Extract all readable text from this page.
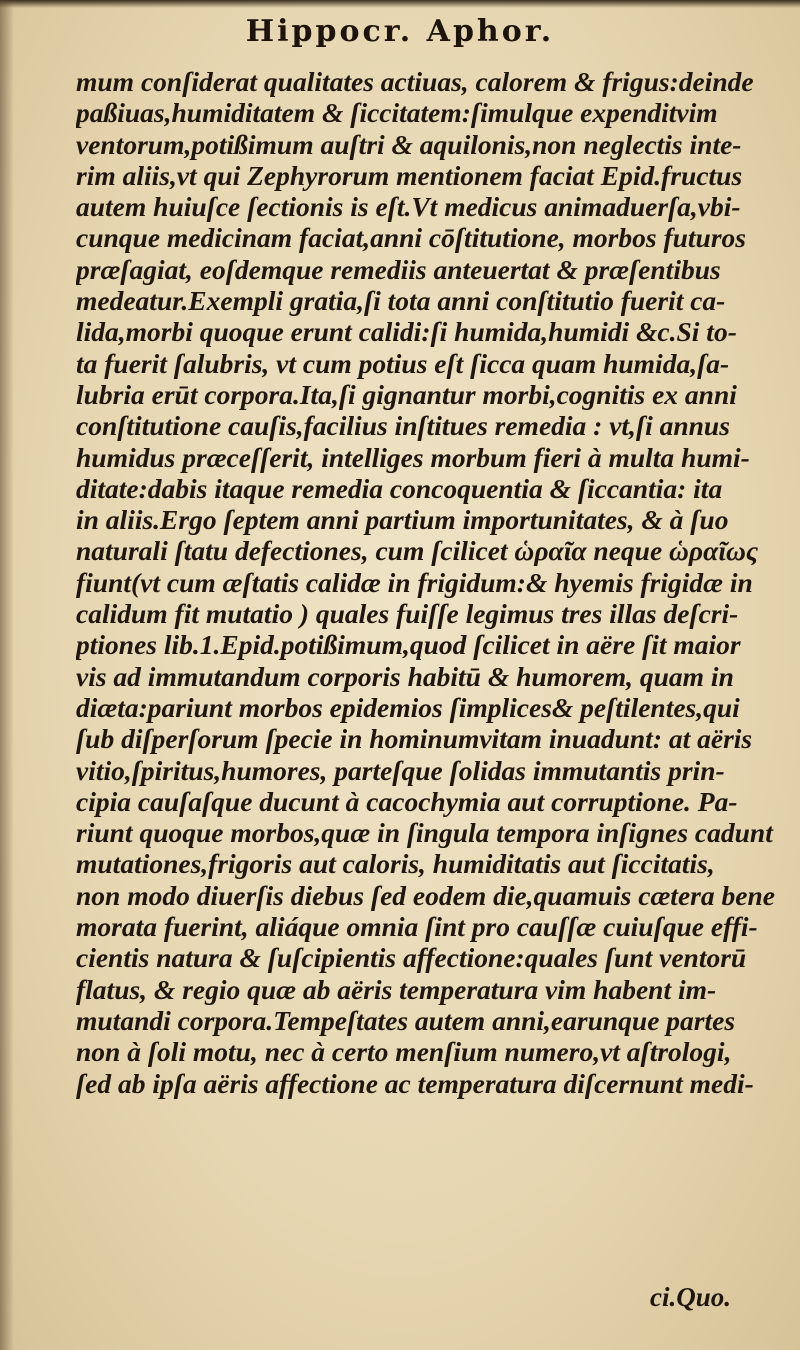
Hippocr. Aphor.
mum conſiderat qualitates actiuas, calorem & frigus:deinde
paßiuas,humiditatem & ſiccitatem:ſimulque expenditvim
ventorum,potißimum auſtri & aquilonis,non neglectis inte-
rim aliis,vt qui Zephyrorum mentionem faciat Epid.fructus
autem huiuſce ſectionis is eſt.Vt medicus animaduerſa,vbi-
cunque medicinam faciat,anni cōſtitutione, morbos futuros
præſagiat, eoſdemque remediis anteuertat & præſentibus
medeatur.Exempli gratia,ſi tota anni conſtitutio fuerit ca-
lida,morbi quoque erunt calidi:ſi humida,humidi &c.Si to-
ta fuerit ſalubris, vt cum potius eſt ſicca quam humida,ſa-
lubria erūt corpora.Ita,ſi gignantur morbi,cognitis ex anni
conſtitutione cauſis,facilius inſtitues remedia : vt,ſi annus
humidus præceſſerit, intelliges morbum fieri à multa humi-
ditate:dabis itaque remedia concoquentia & ſiccantia: ita
in aliis.Ergo ſeptem anni partium importunitates, & à ſuo
naturali ſtatu defectiones, cum ſcilicet ὡραῖα neque ὡραῖως
fiunt(vt cum æſtatis calidæ in frigidum:& hyemis frigidæ in
calidum fit mutatio ) quales fuiſſe legimus tres illas deſcri-
ptiones lib.1.Epid.potißimum,quod ſcilicet in aëre ſit maior
vis ad immutandum corporis habitū & humorem, quam in
diæta:pariunt morbos epidemios ſimplices& peſtilentes,qui
ſub diſperſorum ſpecie in hominumvitam inuadunt: at aëris
vitio,ſpiritus,humores, parteſque ſolidas immutantis prin-
cipia cauſaſque ducunt à cacochymia aut corruptione. Pa-
riunt quoque morbos,quæ in ſingula tempora inſignes cadunt
mutationes,frigoris aut caloris, humiditatis aut ſiccitatis,
non modo diuerſis diebus ſed eodem die,quamuis cætera bene
morata fuerint, aliáque omnia ſint pro cauſſæ cuiuſque effi-
cientis natura & ſuſcipientis affectione:quales ſunt ventorū
flatus, & regio quæ ab aëris temperatura vim habent im-
mutandi corpora.Tempeſtates autem anni,earunque partes
non à ſoli motu, nec à certo menſium numero,vt aſtrologi,
ſed ab ipſa aëris affectione ac temperatura diſcernunt medi-
ci.Quo.
